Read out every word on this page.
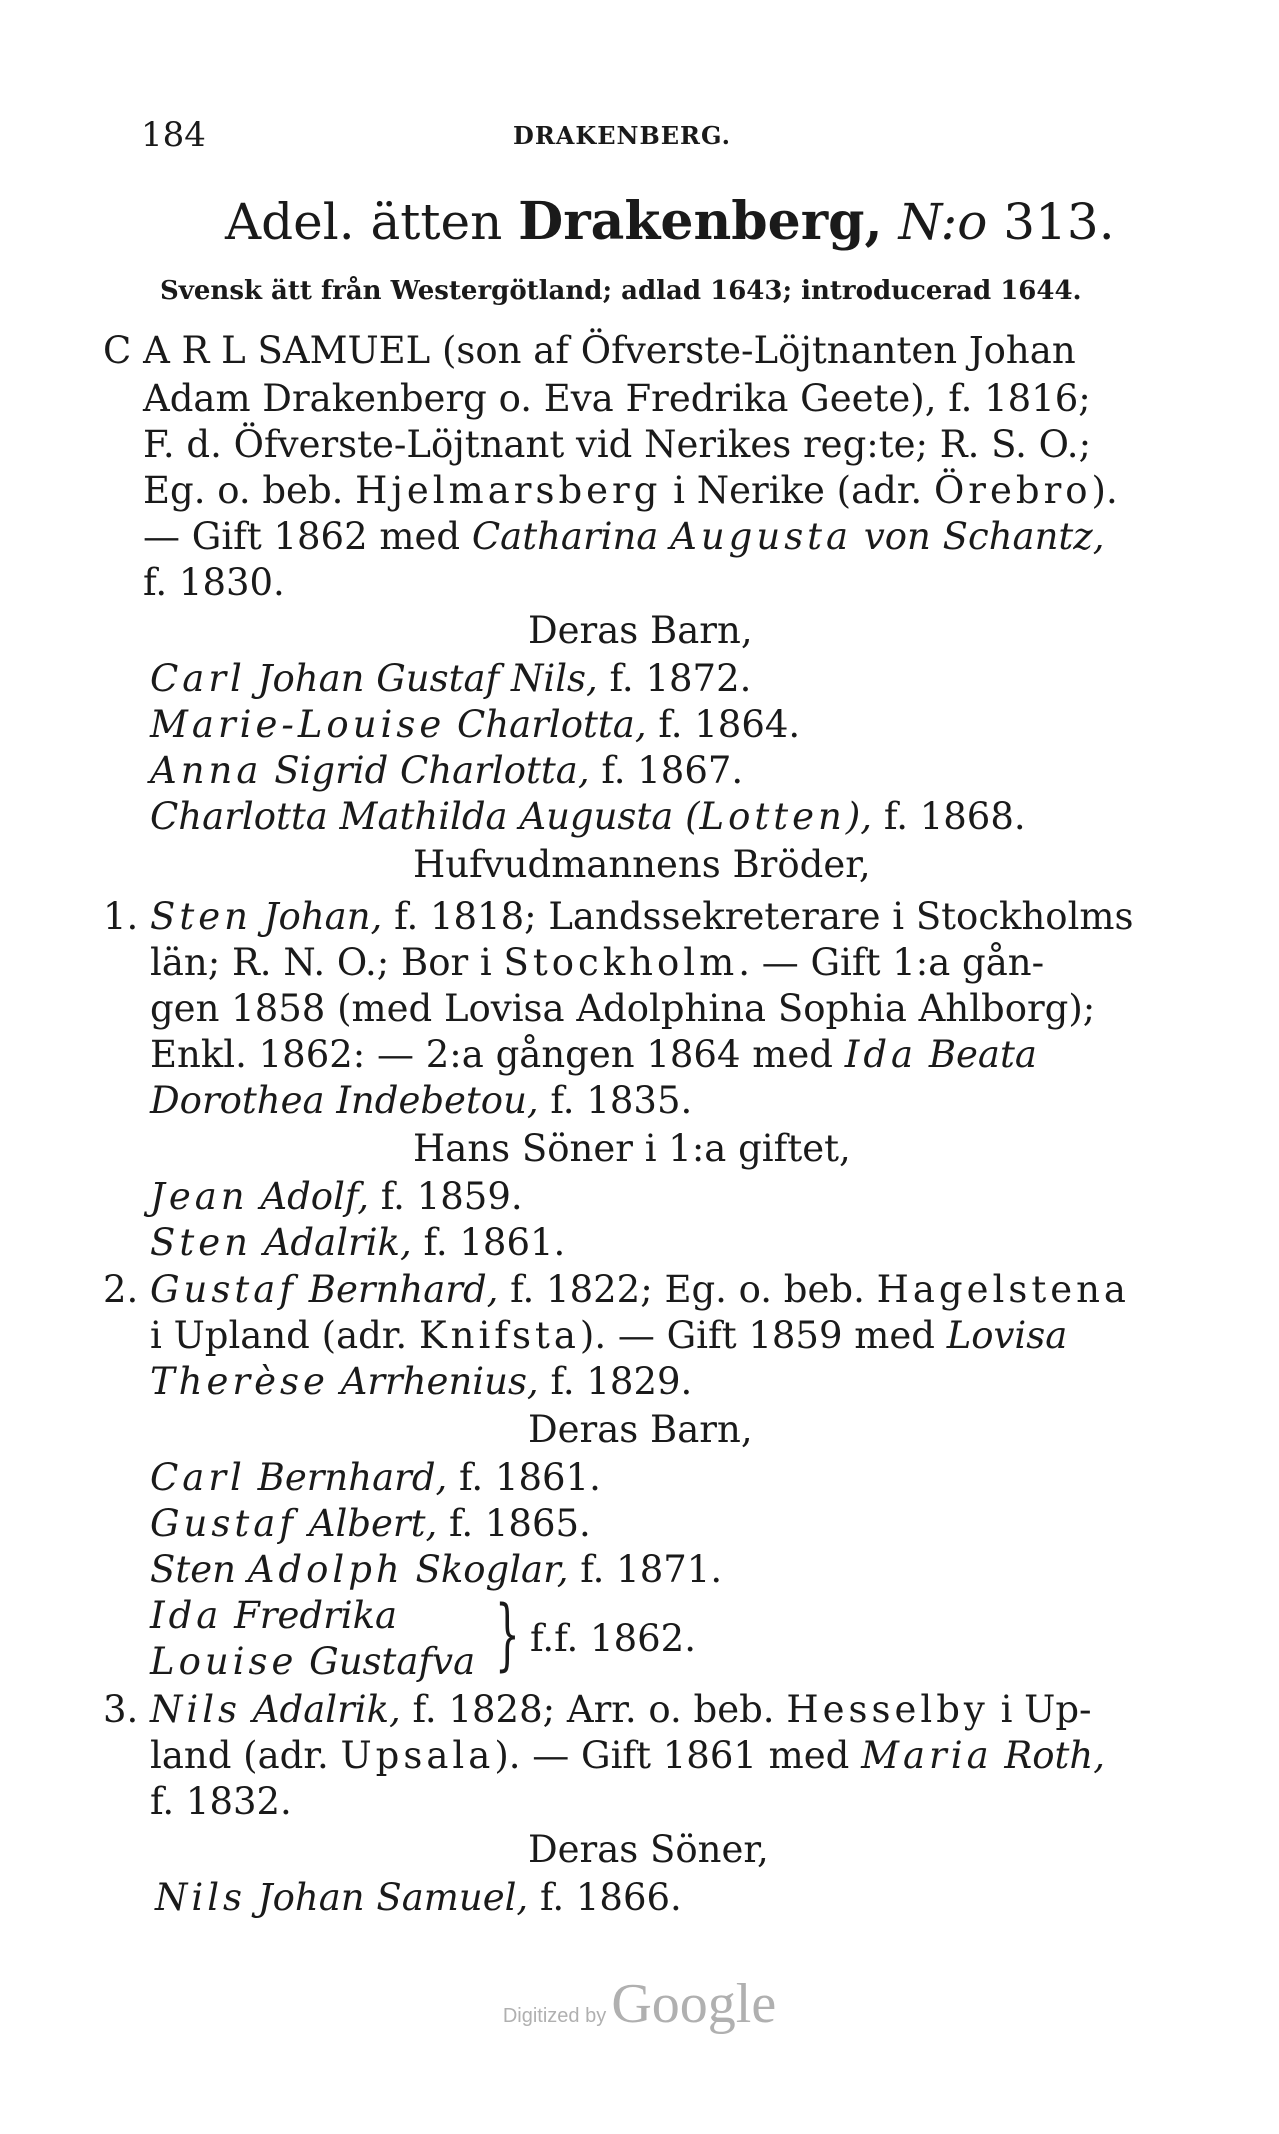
184	DRAKENBERG.
Adel. ätten Drakenberg, N:o 313.
Svensk ätt från Westergötland; adlad 1643; introducerad 1644.
C A R L SAMUEL (son af Öfverste-Löjtnanten Johan
Adam Drakenberg o. Eva Fredrika Geete), f. 1816;
F. d. Öfverste-Löjtnant vid Nerikes reg:te; R. S. O.;
Eg. o. beb. Hjelmarsberg i Nerike (adr. Örebro).
— Gift 1862 med Catharina Augusta von Schantz,
f. 1830.
Deras Barn,
Carl Johan Gustaf Nils, f. 1872.
Marie-Louise Charlotta, f. 1864.
Anna Sigrid Charlotta, f. 1867.
Charlotta Mathilda Augusta (Lotten), f. 1868.
Hufvudmannens Bröder,
1. Sten Johan, f. 1818; Landssekreterare i Stockholms
län; R. N. O.; Bor i Stockholm. — Gift 1:a gån-
gen 1858 (med Lovisa Adolphina Sophia Ahlborg);
Enkl. 1862: — 2:a gången 1864 med Ida Beata
Dorothea Indebetou, f. 1835.
Hans Söner i 1:a giftet,
Jean Adolf, f. 1859.
Sten Adalrik, f. 1861.
2. Gustaf Bernhard, f. 1822; Eg. o. beb. Hagelstena
i Upland (adr. Knifsta). — Gift 1859 med Lovisa
Therèse Arrhenius, f. 1829.
Deras Barn,
Carl Bernhard, f. 1861.
Gustaf Albert, f. 1865.
Sten Adolph Skoglar, f. 1871.
Ida Fredrika
Louise Gustafva } f.f. 1862.
3. Nils Adalrik, f. 1828; Arr. o. beb. Hesselby i Up-
land (adr. Upsala). — Gift 1861 med Maria Roth,
f. 1832.
Deras Söner,
Nils Johan Samuel, f. 1866.
Digitized by Google
